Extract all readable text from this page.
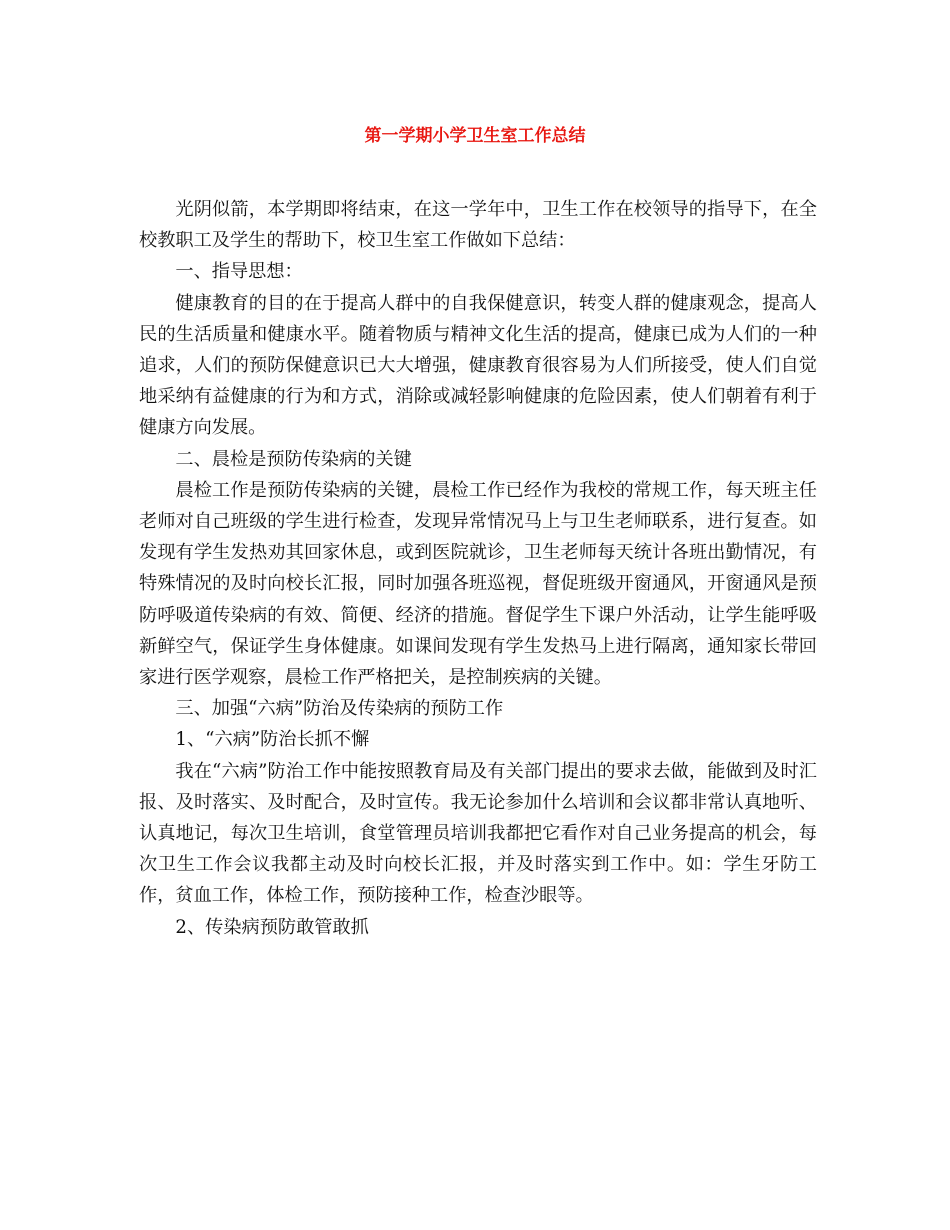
第一学期小学卫生室工作总结

光阴似箭，本学期即将结束，在这一学年中，卫生工作在校领导的指导下，在全校教职工及学生的帮助下，校卫生室工作做如下总结：

一、指导思想：

健康教育的目的在于提高人群中的自我保健意识，转变人群的健康观念，提高人民的生活质量和健康水平。随着物质与精神文化生活的提高，健康已成为人们的一种追求，人们的预防保健意识已大大增强，健康教育很容易为人们所接受，使人们自觉地采纳有益健康的行为和方式，消除或减轻影响健康的危险因素，使人们朝着有利于健康方向发展。

二、晨检是预防传染病的关键

晨检工作是预防传染病的关键，晨检工作已经作为我校的常规工作，每天班主任老师对自己班级的学生进行检查，发现异常情况马上与卫生老师联系，进行复查。如发现有学生发热劝其回家休息，或到医院就诊，卫生老师每天统计各班出勤情况，有特殊情况的及时向校长汇报，同时加强各班巡视，督促班级开窗通风，开窗通风是预防呼吸道传染病的有效、简便、经济的措施。督促学生下课户外活动，让学生能呼吸新鲜空气，保证学生身体健康。如课间发现有学生发热马上进行隔离，通知家长带回家进行医学观察，晨检工作严格把关，是控制疾病的关键。

三、加强“六病”防治及传染病的预防工作

1、“六病”防治长抓不懈

我在“六病”防治工作中能按照教育局及有关部门提出的要求去做，能做到及时汇报、及时落实、及时配合，及时宣传。我无论参加什么培训和会议都非常认真地听、认真地记，每次卫生培训，食堂管理员培训我都把它看作对自己业务提高的机会，每次卫生工作会议我都主动及时向校长汇报，并及时落实到工作中。如：学生牙防工作，贫血工作，体检工作，预防接种工作，检查沙眼等。

2、传染病预防敢管敢抓
